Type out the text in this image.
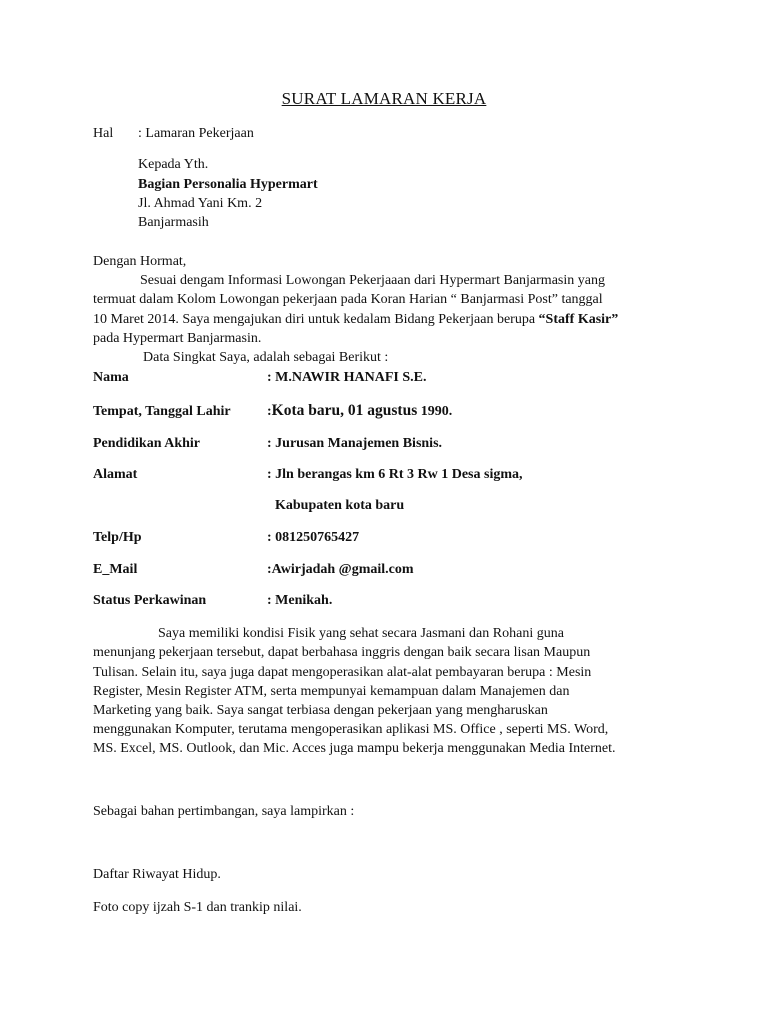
SURAT LAMARAN KERJA
Hal : Lamaran Pekerjaan
Kepada Yth.
Bagian Personalia Hypermart
Jl. Ahmad Yani Km. 2
Banjarmasih
Dengan Hormat,
Sesuai dengam Informasi Lowongan Pekerjaaan dari Hypermart Banjarmasin yang
termuat dalam Kolom Lowongan pekerjaan pada Koran Harian “ Banjarmasi Post” tanggal
10 Maret 2014. Saya mengajukan diri untuk kedalam Bidang Pekerjaan berupa “Staff Kasir”
pada Hypermart Banjarmasin.
Data Singkat Saya, adalah sebagai Berikut :
Nama	: M.NAWIR HANAFI S.E.
Tempat, Tanggal Lahir	:Kota baru, 01 agustus 1990.
Pendidikan Akhir	: Jurusan Manajemen Bisnis.
Alamat	: Jln berangas km 6 Rt 3 Rw 1 Desa sigma,
Kabupaten kota baru
Telp/Hp	: 081250765427
E_Mail	:Awirjadah @gmail.com
Status Perkawinan	: Menikah.
Saya memiliki kondisi Fisik yang sehat secara Jasmani dan Rohani guna
menunjang pekerjaan tersebut, dapat berbahasa inggris dengan baik secara lisan Maupun
Tulisan. Selain itu, saya juga dapat mengoperasikan alat-alat pembayaran berupa : Mesin
Register, Mesin Register ATM, serta mempunyai kemampuan dalam Manajemen dan
Marketing yang baik. Saya sangat terbiasa dengan pekerjaan yang mengharuskan
menggunakan Komputer, terutama mengoperasikan aplikasi MS. Office , seperti MS. Word,
MS. Excel, MS. Outlook, dan Mic. Acces juga mampu bekerja menggunakan Media Internet.
Sebagai bahan pertimbangan, saya lampirkan :
Daftar Riwayat Hidup.
Foto copy ijzah S-1 dan trankip nilai.
